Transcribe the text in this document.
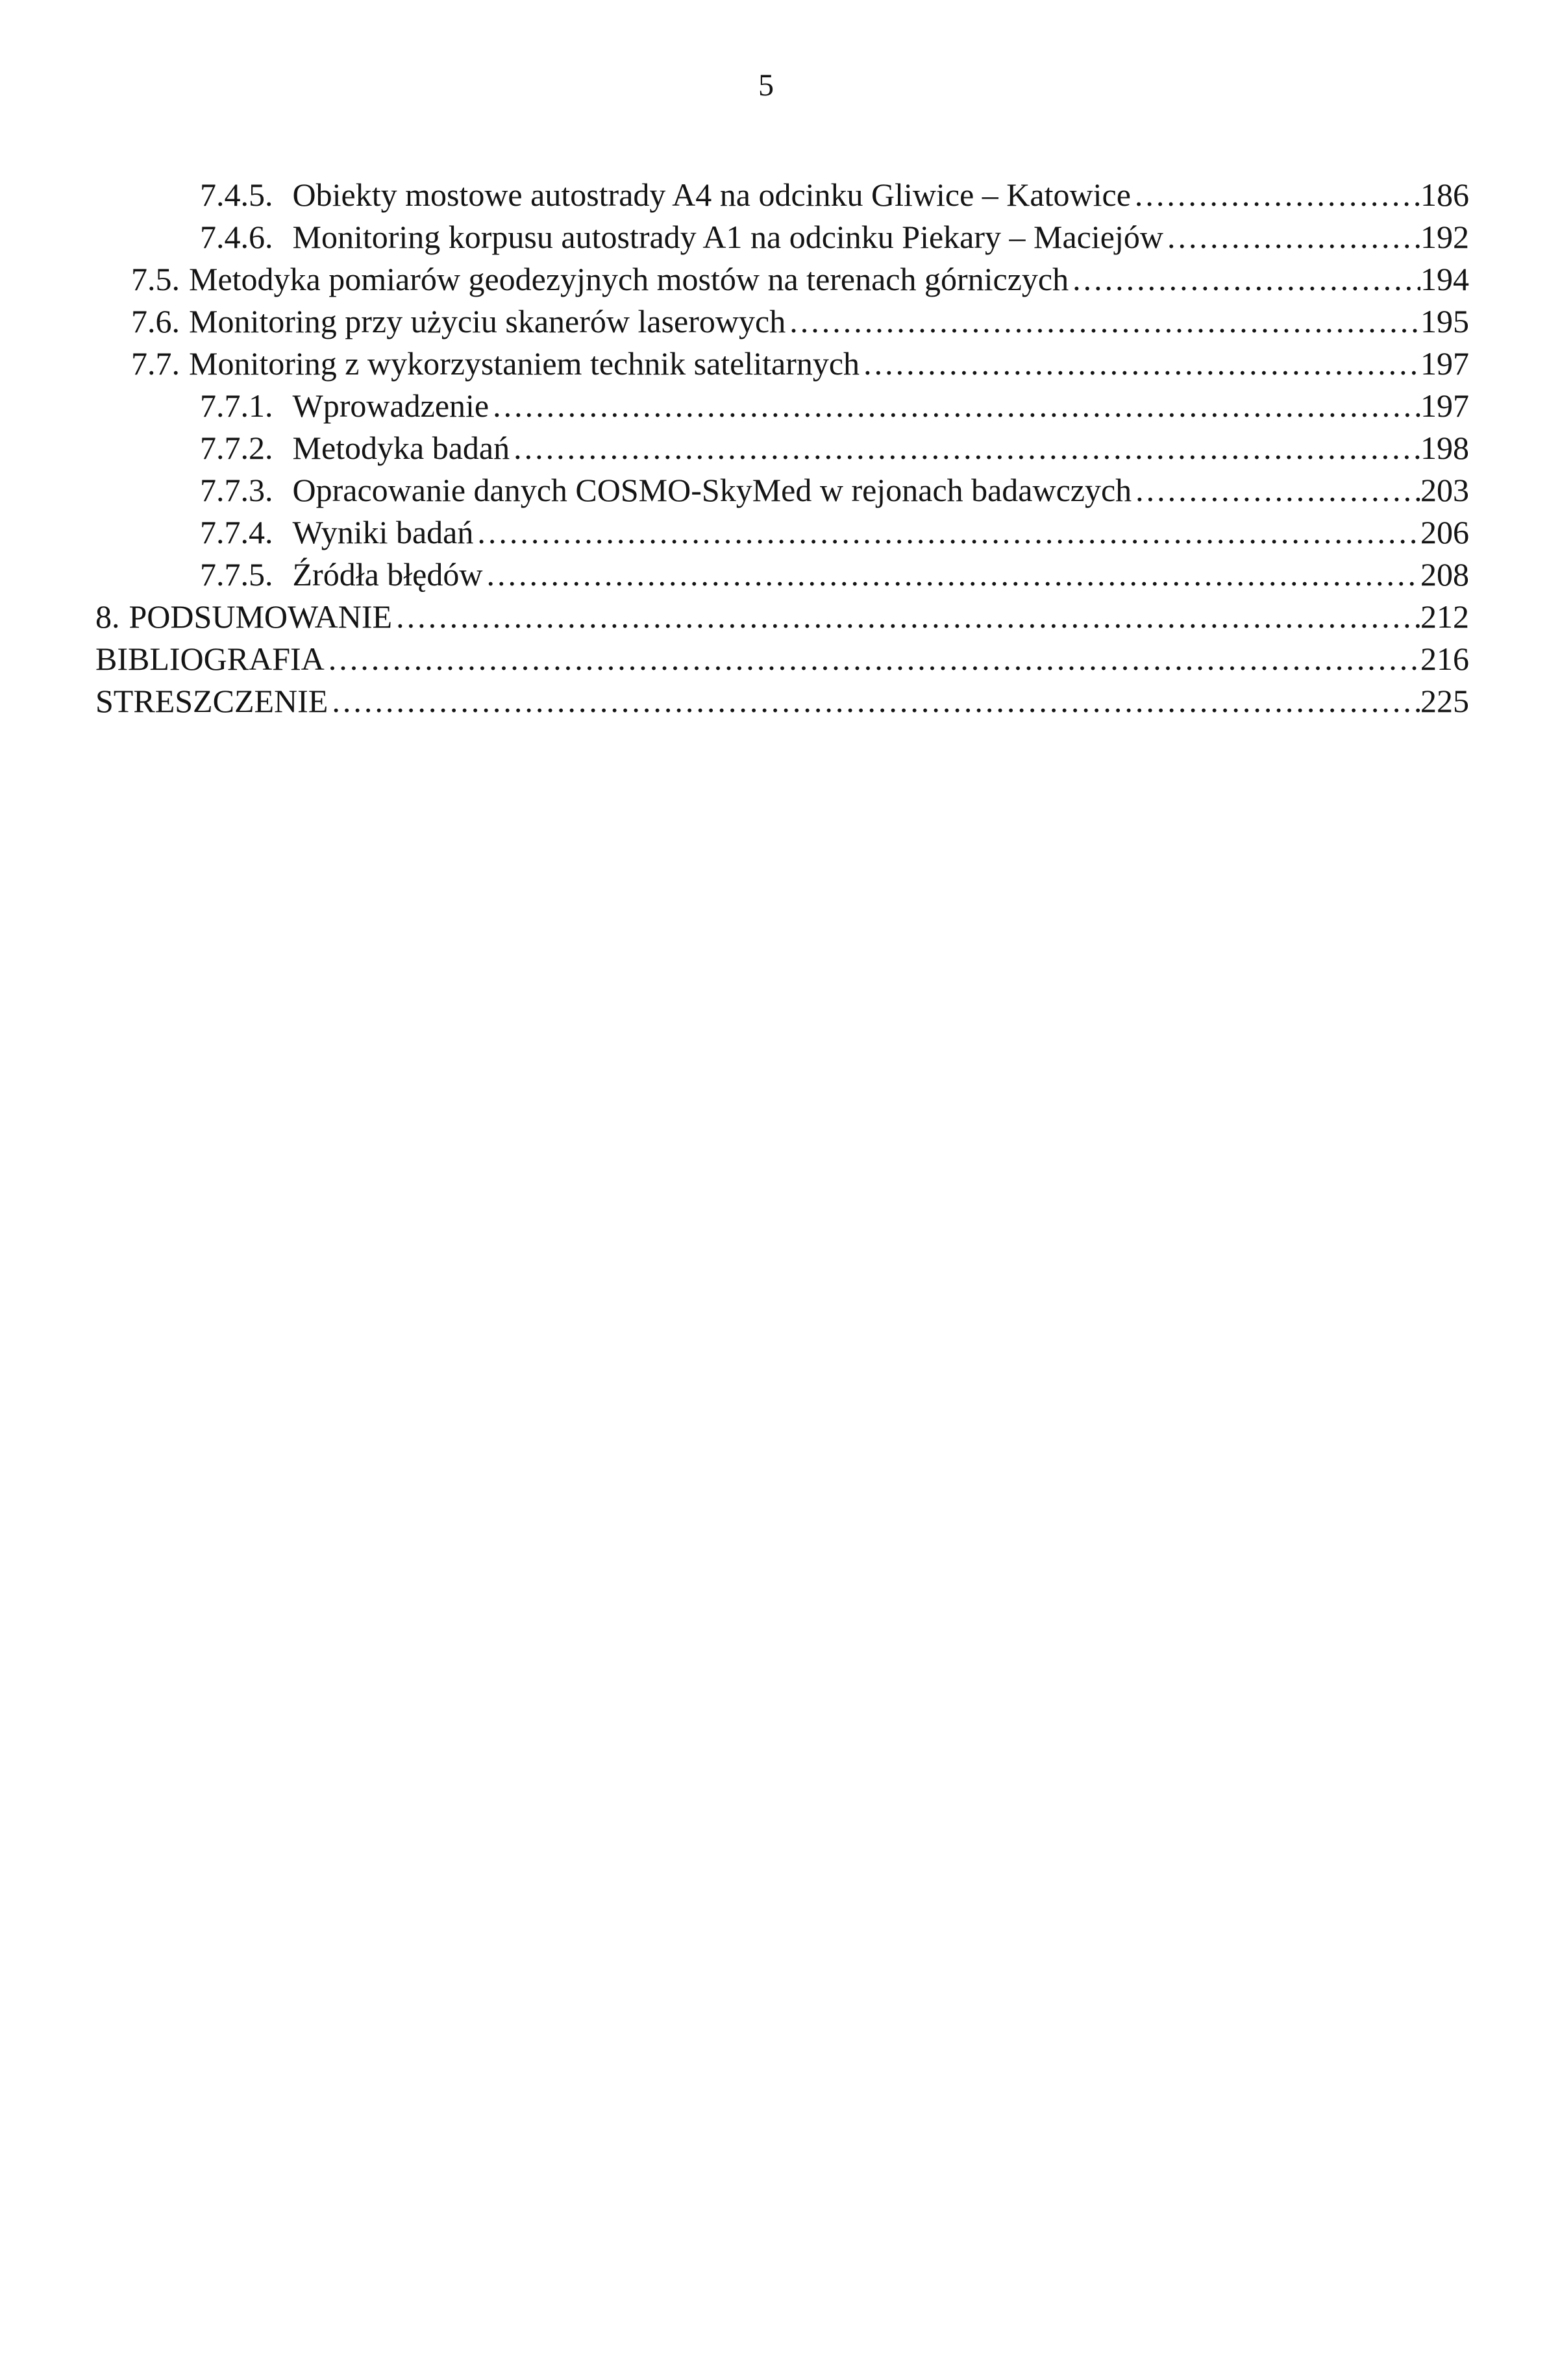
5
7.4.5. Obiekty mostowe autostrady A4 na odcinku Gliwice – Katowice .....	186
7.4.6. Monitoring korpusu autostrady A1 na odcinku Piekary – Maciejów .....	192
7.5. Metodyka pomiarów geodezyjnych mostów na terenach górniczych .....	194
7.6. Monitoring przy użyciu skanerów laserowych .....	195
7.7. Monitoring z wykorzystaniem technik satelitarnych .....	197
7.7.1. Wprowadzenie .....	197
7.7.2. Metodyka badań .....	198
7.7.3. Opracowanie danych COSMO-SkyMed w rejonach badawczych .....	203
7.7.4. Wyniki badań .....	206
7.7.5. Źródła błędów .....	208
8. PODSUMOWANIE .....	212
BIBLIOGRAFIA .....	216
STRESZCZENIE .....	225
